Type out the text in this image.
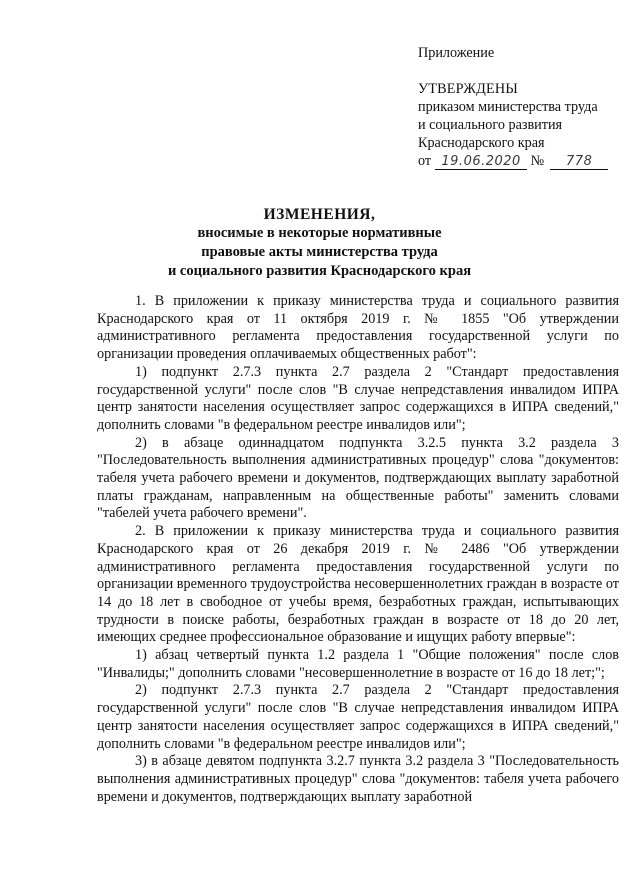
Приложение
УТВЕРЖДЕНЫ
приказом министерства труда
и социального развития
Краснодарского края
от 19.06.2020 № 778
ИЗМЕНЕНИЯ,
вносимые в некоторые нормативные
правовые акты министерства труда
и социального развития Краснодарского края

1. В приложении к приказу министерства труда и социального развития Краснодарского края от 11 октября 2019 г. № 1855 "Об утверждении административного регламента предоставления государственной услуги по организации проведения оплачиваемых общественных работ":

1) подпункт 2.7.3 пункта 2.7 раздела 2 "Стандарт предоставления государственной услуги" после слов "В случае непредставления инвалидом ИПРА центр занятости населения осуществляет запрос содержащихся в ИПРА сведений," дополнить словами "в федеральном реестре инвалидов или";

2) в абзаце одиннадцатом подпункта 3.2.5 пункта 3.2 раздела 3 "Последовательность выполнения административных процедур" слова "документов: табеля учета рабочего времени и документов, подтверждающих выплату заработной платы гражданам, направленным на общественные работы" заменить словами "табелей учета рабочего времени".

2. В приложении к приказу министерства труда и социального развития Краснодарского края от 26 декабря 2019 г. № 2486 "Об утверждении административного регламента предоставления государственной услуги по организации временного трудоустройства несовершеннолетних граждан в возрасте от 14 до 18 лет в свободное от учебы время, безработных граждан, испытывающих трудности в поиске работы, безработных граждан в возрасте от 18 до 20 лет, имеющих среднее профессиональное образование и ищущих работу впервые":

1) абзац четвертый пункта 1.2 раздела 1 "Общие положения" после слов "Инвалиды;" дополнить словами "несовершеннолетние в возрасте от 16 до 18 лет;";

2) подпункт 2.7.3 пункта 2.7 раздела 2 "Стандарт предоставления государственной услуги" после слов "В случае непредставления инвалидом ИПРА центр занятости населения осуществляет запрос содержащихся в ИПРА сведений," дополнить словами "в федеральном реестре инвалидов или";

3) в абзаце девятом подпункта 3.2.7 пункта 3.2 раздела 3 "Последовательность выполнения административных процедур" слова "документов: табеля учета рабочего времени и документов, подтверждающих выплату заработной
